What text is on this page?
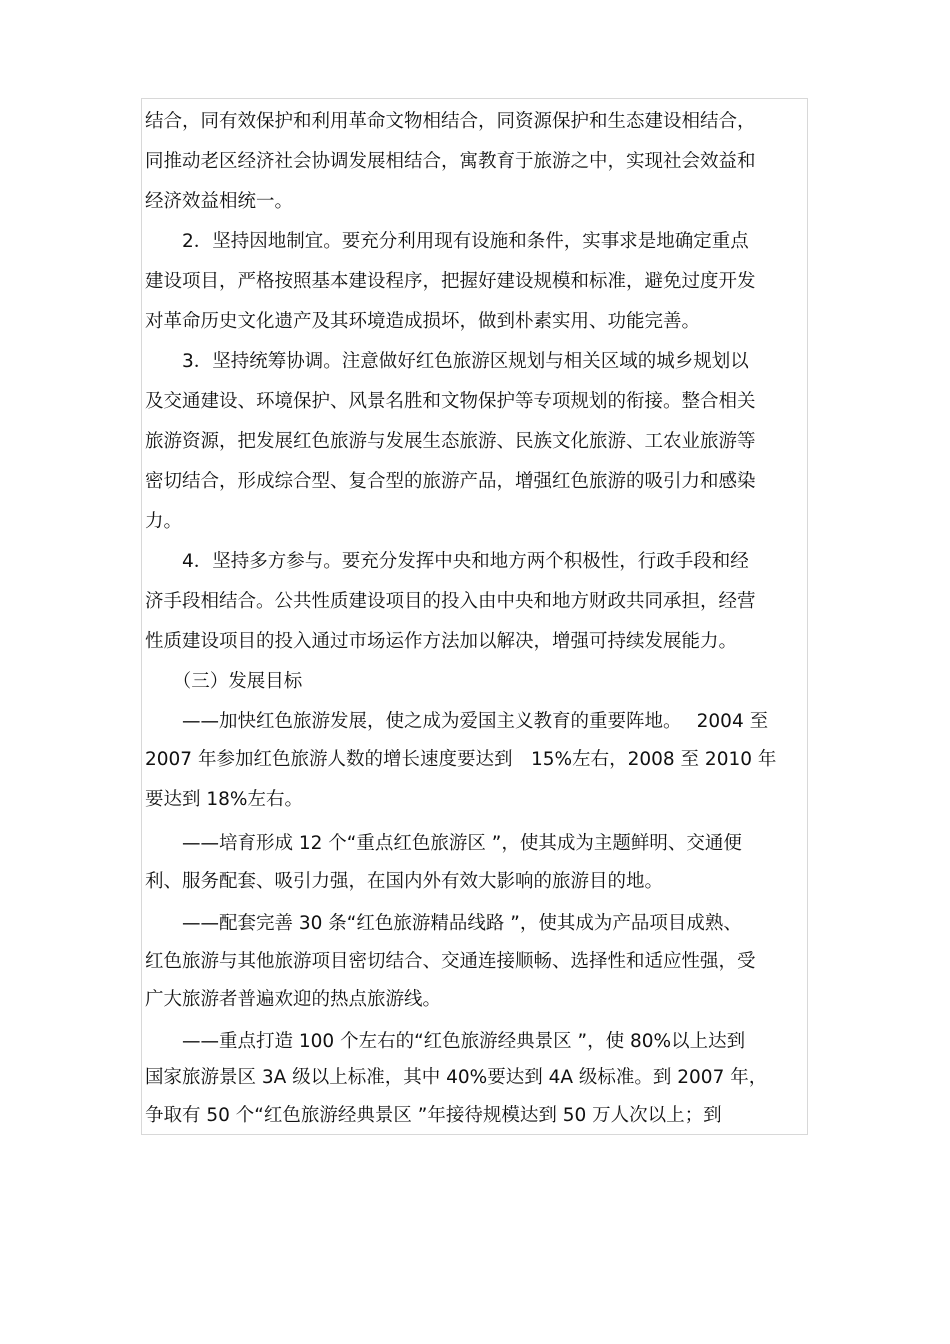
结合，同有效保护和利用革命文物相结合，同资源保护和生态建设相结合，
同推动老区经济社会协调发展相结合，寓教育于旅游之中，实现社会效益和
经济效益相统一。
　　2．坚持因地制宜。要充分利用现有设施和条件，实事求是地确定重点
建设项目，严格按照基本建设程序，把握好建设规模和标准，避免过度开发
对革命历史文化遗产及其环境造成损坏，做到朴素实用、功能完善。
　　3．坚持统筹协调。注意做好红色旅游区规划与相关区域的城乡规划以
及交通建设、环境保护、风景名胜和文物保护等专项规划的衔接。整合相关
旅游资源，把发展红色旅游与发展生态旅游、民族文化旅游、工农业旅游等
密切结合，形成综合型、复合型的旅游产品，增强红色旅游的吸引力和感染
力。
　　4．坚持多方参与。要充分发挥中央和地方两个积极性，行政手段和经
济手段相结合。公共性质建设项目的投入由中央和地方财政共同承担，经营
性质建设项目的投入通过市场运作方法加以解决，增强可持续发展能力。
　　（三）发展目标
　　——加快红色旅游发展，使之成为爱国主义教育的重要阵地。　 2004 至
2007 年参加红色旅游人数的增长速度要达到　15%左右，2008 至 2010 年
要达到 18%左右。
　　——培育形成 12 个“重点红色旅游区 ”，使其成为主题鲜明、交通便
利、服务配套、吸引力强，在国内外有效大影响的旅游目的地。
　　——配套完善 30 条“红色旅游精品线路 ”，使其成为产品项目成熟、
红色旅游与其他旅游项目密切结合、交通连接顺畅、选择性和适应性强，受
广大旅游者普遍欢迎的热点旅游线。
　　——重点打造 100 个左右的“红色旅游经典景区 ”，使 80%以上达到
国家旅游景区 3A 级以上标准，其中 40%要达到 4A 级标准。到 2007 年，
争取有 50 个“红色旅游经典景区 ”年接待规模达到 50 万人次以上；到
